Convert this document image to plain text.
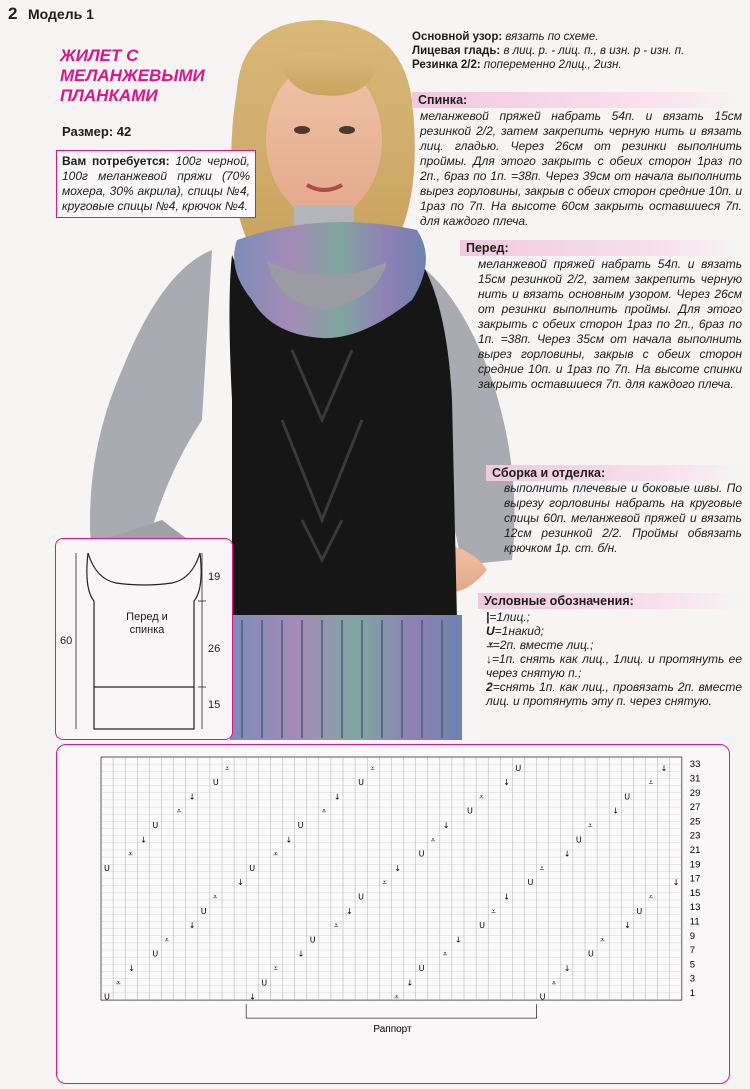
2 Модель 1
ЖИЛЕТ С МЕЛАНЖЕВЫМИ ПЛАНКАМИ
Размер: 42
Вам потребуется: 100г черной, 100г меланжевой пряжи (70% мохера, 30% акрила), спицы №4, круговые спицы №4, крючок №4.
Основной узор: вязать по схеме.
Лицевая гладь: в лиц. р. - лиц. п., в изн. р - изн. п.
Резинка 2/2: попеременно 2лиц., 2изн.
Спинка:
меланжевой пряжей набрать 54п. и вязать 15см резинкой 2/2, затем закрепить черную нить и вязать лиц. гладью. Через 26см от резинки выполнить проймы. Для этого закрыть с обеих сторон 1раз по 2п., 6раз по 1п. =38п. Через 39см от начала выполнить вырез горловины, закрыв с обеих сторон средние 10п. и 1раз по 7п. На высоте 60см закрыть оставшиеся 7п. для каждого плеча.
Перед:
меланжевой пряжей набрать 54п. и вязать 15см резинкой 2/2, затем закрепить черную нить и вязать основным узором. Через 26см от резинки выполнить проймы. Для этого закрыть с обеих сторон 1раз по 2п., 6раз по 1п. =38п. Через 35см от начала выполнить вырез горловины, закрыв с обеих сторон средние 10п. и 1раз по 7п. На высоте спинки закрыть оставшиеся 7п. для каждого плеча.
Сборка и отделка:
выполнить плечевые и боковые швы. По вырезу горловины набрать на круговые спицы 60п. меланжевой пряжей и вязать 12см резинкой 2/2. Проймы обвязать крючком 1р. ст. б/н.
Условные обозначения:
|=1лиц.;
U=1накид;
⩡=2п. вместе лиц.;
↓=1п. снять как лиц., 1лиц. и протянуть ее через снятую п.;
2=снять 1п. как лиц., провязать 2п. вместе лиц. и протянуть эту п. через снятую.
Перед и спинка
19
26
15
60
U	↓	⩡	U
⩡	U	↓	⩡
↓	⩡	U	↓
U	↓	⩡	U
⩡	U	↓	⩡
↓	⩡	U	↓
U	↓	⩡	U
⩡	U	↓	⩡
↓	⩡	U	↓
U	↓	⩡
U
⩡	U	↓
⩡
↓	⩡	U
↓
U	↓	⩡
U
⩡	U	↓
⩡
↓	⩡	U
↓
U	↓	⩡
U
⩡	U	↓
⩡	33
31
29
27
25
23
21
19
17
15
13
11
9
7
5
3
1
Раппорт
